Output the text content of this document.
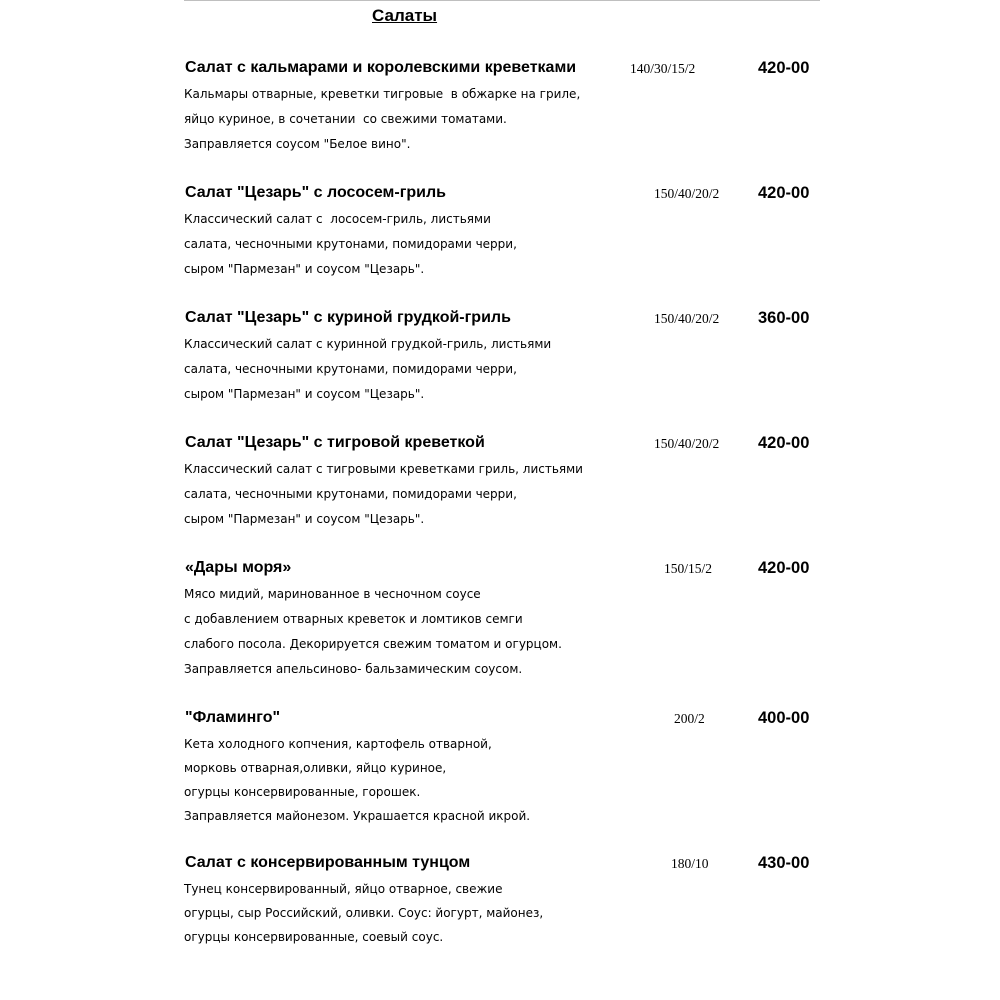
Салаты
Салат с кальмарами и королевскими креветками	140/30/15/2	420-00
Кальмары отварные, креветки тигровые  в обжарке на гриле,
яйцо куриное, в сочетании  со свежими томатами.
Заправляется соусом "Белое вино".
Салат "Цезарь" с лососем-гриль	150/40/20/2 420-00
Классический салат с  лососем-гриль, листьями
салата, чесночными крутонами, помидорами черри,
сыром "Пармезан" и соусом "Цезарь".
Салат "Цезарь" с куриной грудкой-гриль	150/40/20/2 360-00
Классический салат с куринной грудкой-гриль, листьями
салата, чесночными крутонами, помидорами черри,
сыром "Пармезан" и соусом "Цезарь".
Салат "Цезарь" с тигровой креветкой	150/40/20/2 420-00
Классический салат с тигровыми креветками гриль, листьями
салата, чесночными крутонами, помидорами черри,
сыром "Пармезан" и соусом "Цезарь".
«Дары моря»	150/15/2	420-00
Мясо мидий, маринованное в чесночном соусе
с добавлением отварных креветок и ломтиков семги
слабого посола. Декорируется свежим томатом и огурцом.
Заправляется апельсиново- бальзамическим соусом.
"Фламинго"	200/2	400-00
Кета холодного копчения, картофель отварной,
морковь отварная,оливки, яйцо куриное,
огурцы консервированные, горошек.
Заправляется майонезом. Украшается красной икрой.
Салат с консервированным тунцом	180/10	430-00
Тунец консервированный, яйцо отварное, свежие
огурцы, сыр Российский, оливки. Соус: йогурт, майонез,
огурцы консервированные, соевый соус.
